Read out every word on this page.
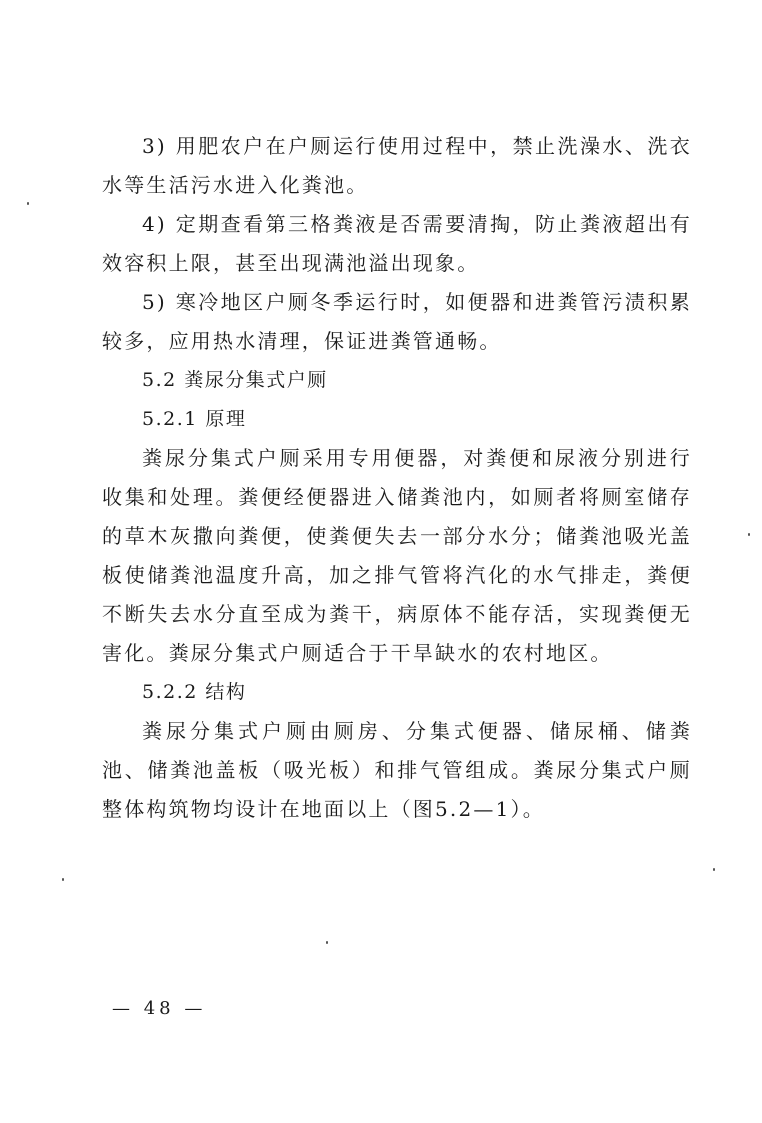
3) 用肥农户在户厕运行使用过程中，禁止洗澡水、洗衣水等生活污水进入化粪池。

4) 定期查看第三格粪液是否需要清掏，防止粪液超出有效容积上限，甚至出现满池溢出现象。

5) 寒冷地区户厕冬季运行时，如便器和进粪管污渍积累较多，应用热水清理，保证进粪管通畅。

5.2 粪尿分集式户厕

5.2.1 原理

粪尿分集式户厕采用专用便器，对粪便和尿液分别进行收集和处理。粪便经便器进入储粪池内，如厕者将厕室储存的草木灰撒向粪便，使粪便失去一部分水分；储粪池吸光盖板使储粪池温度升高，加之排气管将汽化的水气排走，粪便不断失去水分直至成为粪干，病原体不能存活，实现粪便无害化。粪尿分集式户厕适合于干旱缺水的农村地区。

5.2.2 结构

粪尿分集式户厕由厕房、分集式便器、储尿桶、储粪池、储粪池盖板（吸光板）和排气管组成。粪尿分集式户厕整体构筑物均设计在地面以上（图5.2—1）。

— 48 —
